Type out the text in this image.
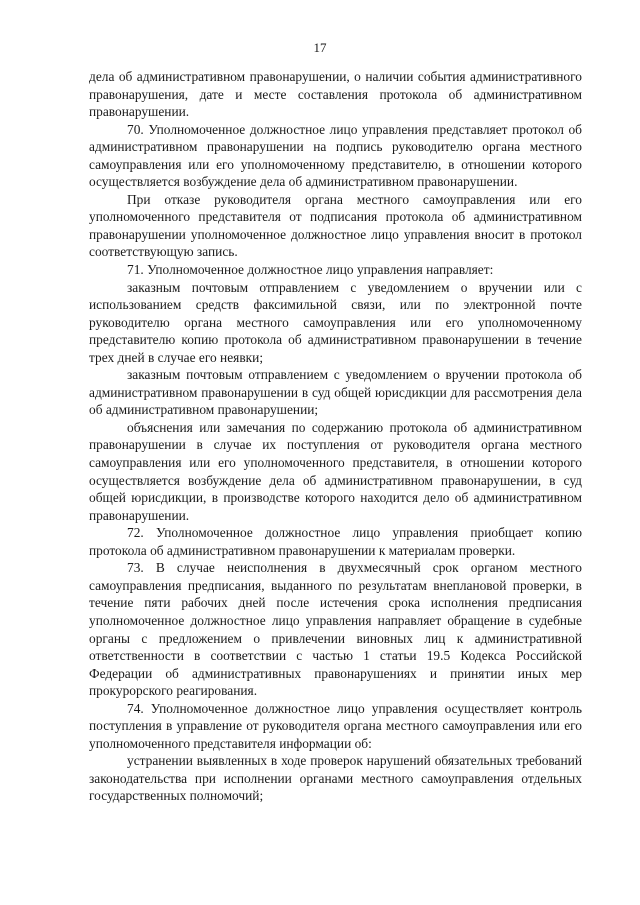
17

дела об административном правонарушении, о наличии события административного правонарушения, дате и месте составления протокола об административном правонарушении.

70. Уполномоченное должностное лицо управления представляет протокол об административном правонарушении на подпись руководителю органа местного самоуправления или его уполномоченному представителю, в отношении которого осуществляется возбуждение дела об административном правонарушении.

При отказе руководителя органа местного самоуправления или его уполномоченного представителя от подписания протокола об административном правонарушении уполномоченное должностное лицо управления вносит в протокол соответствующую запись.

71. Уполномоченное должностное лицо управления направляет:

заказным почтовым отправлением с уведомлением о вручении или с использованием средств факсимильной связи, или по электронной почте руководителю органа местного самоуправления или его уполномоченному представителю копию протокола об административном правонарушении в течение трех дней в случае его неявки;

заказным почтовым отправлением с уведомлением о вручении протокола об административном правонарушении в суд общей юрисдикции для рассмотрения дела об административном правонарушении;

объяснения или замечания по содержанию протокола об административном правонарушении в случае их поступления от руководителя органа местного самоуправления или его уполномоченного представителя, в отношении которого осуществляется возбуждение дела об административном правонарушении, в суд общей юрисдикции, в производстве которого находится дело об административном правонарушении.

72. Уполномоченное должностное лицо управления приобщает копию протокола об административном правонарушении к материалам проверки.

73. В случае неисполнения в двухмесячный срок органом местного самоуправления предписания, выданного по результатам внеплановой проверки, в течение пяти рабочих дней после истечения срока исполнения предписания уполномоченное должностное лицо управления направляет обращение в судебные органы с предложением о привлечении виновных лиц к административной ответственности в соответствии с частью 1 статьи 19.5 Кодекса Российской Федерации об административных правонарушениях и принятии иных мер прокурорского реагирования.

74. Уполномоченное должностное лицо управления осуществляет контроль поступления в управление от руководителя органа местного самоуправления или его уполномоченного представителя информации об:

устранении выявленных в ходе проверок нарушений обязательных требований законодательства при исполнении органами местного самоуправления отдельных государственных полномочий;
